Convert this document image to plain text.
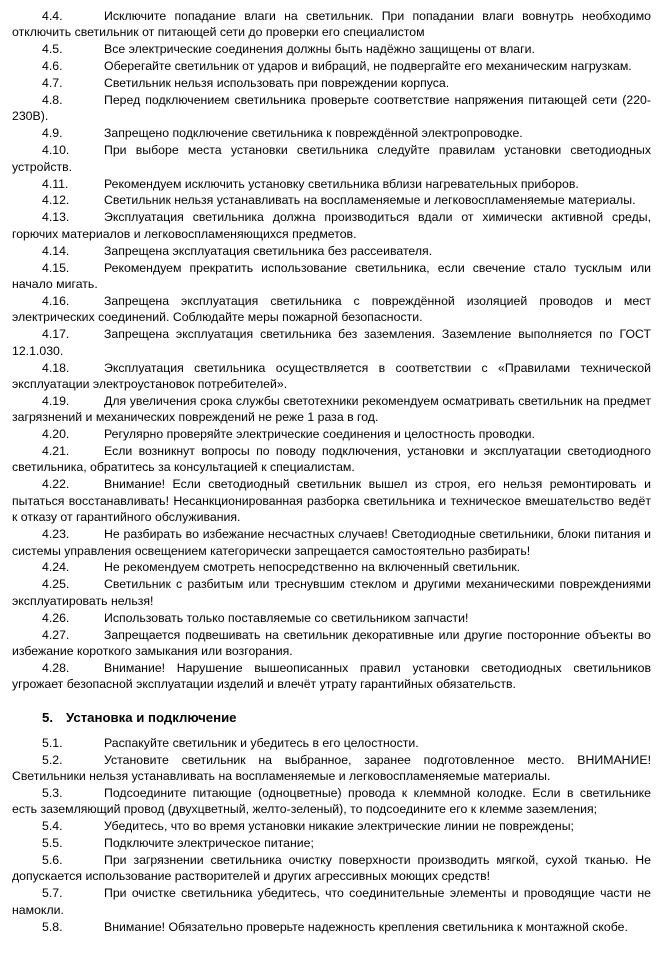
4.4.	Исключите попадание влаги на светильник. При попадании влаги вовнутрь необходимо отключить светильник от питающей сети до проверки его специалистом

4.5.	Все электрические соединения должны быть надёжно защищены от влаги.

4.6.	Оберегайте светильник от ударов и вибраций, не подвергайте его механическим нагрузкам.

4.7.	Светильник нельзя использовать при повреждении корпуса.

4.8.	Перед подключением светильника проверьте соответствие напряжения питающей сети (220-230В).

4.9.	Запрещено подключение светильника к повреждённой электропроводке.

4.10.	При выборе места установки светильника следуйте правилам установки светодиодных устройств.

4.11.	Рекомендуем исключить установку светильника вблизи нагревательных приборов.

4.12.	Светильник нельзя устанавливать на воспламеняемые и легковоспламеняемые материалы.

4.13.	Эксплуатация светильника должна производиться вдали от химически активной среды, горючих материалов и легковоспламеняющихся предметов.

4.14.	Запрещена эксплуатация светильника без рассеивателя.

4.15.	Рекомендуем прекратить использование светильника, если свечение стало тусклым или начало мигать.

4.16.	Запрещена эксплуатация светильника с повреждённой изоляцией проводов и мест электрических соединений. Соблюдайте меры пожарной безопасности.

4.17.	Запрещена эксплуатация светильника без заземления. Заземление выполняется по ГОСТ 12.1.030.

4.18.	Эксплуатация светильника осуществляется в соответствии с «Правилами технической эксплуатации электроустановок потребителей».

4.19.	Для увеличения срока службы светотехники рекомендуем осматривать светильник на предмет загрязнений и механических повреждений не реже 1 раза в год.

4.20.	Регулярно проверяйте электрические соединения и целостность проводки.

4.21.	Если возникнут вопросы по поводу подключения, установки и эксплуатации светодиодного светильника, обратитесь за консультацией к специалистам.

4.22.	Внимание! Если светодиодный светильник вышел из строя, его нельзя ремонтировать и пытаться восстанавливать! Несанкционированная разборка светильника и техническое вмешательство ведёт к отказу от гарантийного обслуживания.

4.23.	Не разбирать во избежание несчастных случаев! Светодиодные светильники, блоки питания и системы управления освещением категорически запрещается самостоятельно разбирать!

4.24.	Не рекомендуем смотреть непосредственно на включенный светильник.

4.25.	Светильник с разбитым или треснувшим стеклом и другими механическими повреждениями эксплуатировать нельзя!

4.26.	Использовать только поставляемые со светильником запчасти!

4.27.	Запрещается подвешивать на светильник декоративные или другие посторонние объекты во избежание короткого замыкания или возгорания.

4.28.	Внимание! Нарушение вышеописанных правил установки светодиодных светильников угрожает безопасной эксплуатации изделий и влечёт утрату гарантийных обязательств.

5. Установка и подключение

5.1.	Распакуйте светильник и убедитесь в его целостности.

5.2.	Установите светильник на выбранное, заранее подготовленное место. ВНИМАНИЕ! Светильники нельзя устанавливать на воспламеняемые и легковоспламеняемые материалы.

5.3.	Подсоедините питающие (одноцветные) провода к клеммной колодке. Если в светильнике есть заземляющий провод (двухцветный, желто-зеленый), то подсоедините его к клемме заземления;

5.4.	Убедитесь, что во время установки никакие электрические линии не повреждены;

5.5.	Подключите электрическое питание;

5.6.	При загрязнении светильника очистку поверхности производить мягкой, сухой тканью. Не допускается использование растворителей и других агрессивных моющих средств!

5.7.	При очистке светильника убедитесь, что соединительные элементы и проводящие части не намокли.

5.8.	Внимание! Обязательно проверьте надежность крепления светильника к монтажной скобе.
